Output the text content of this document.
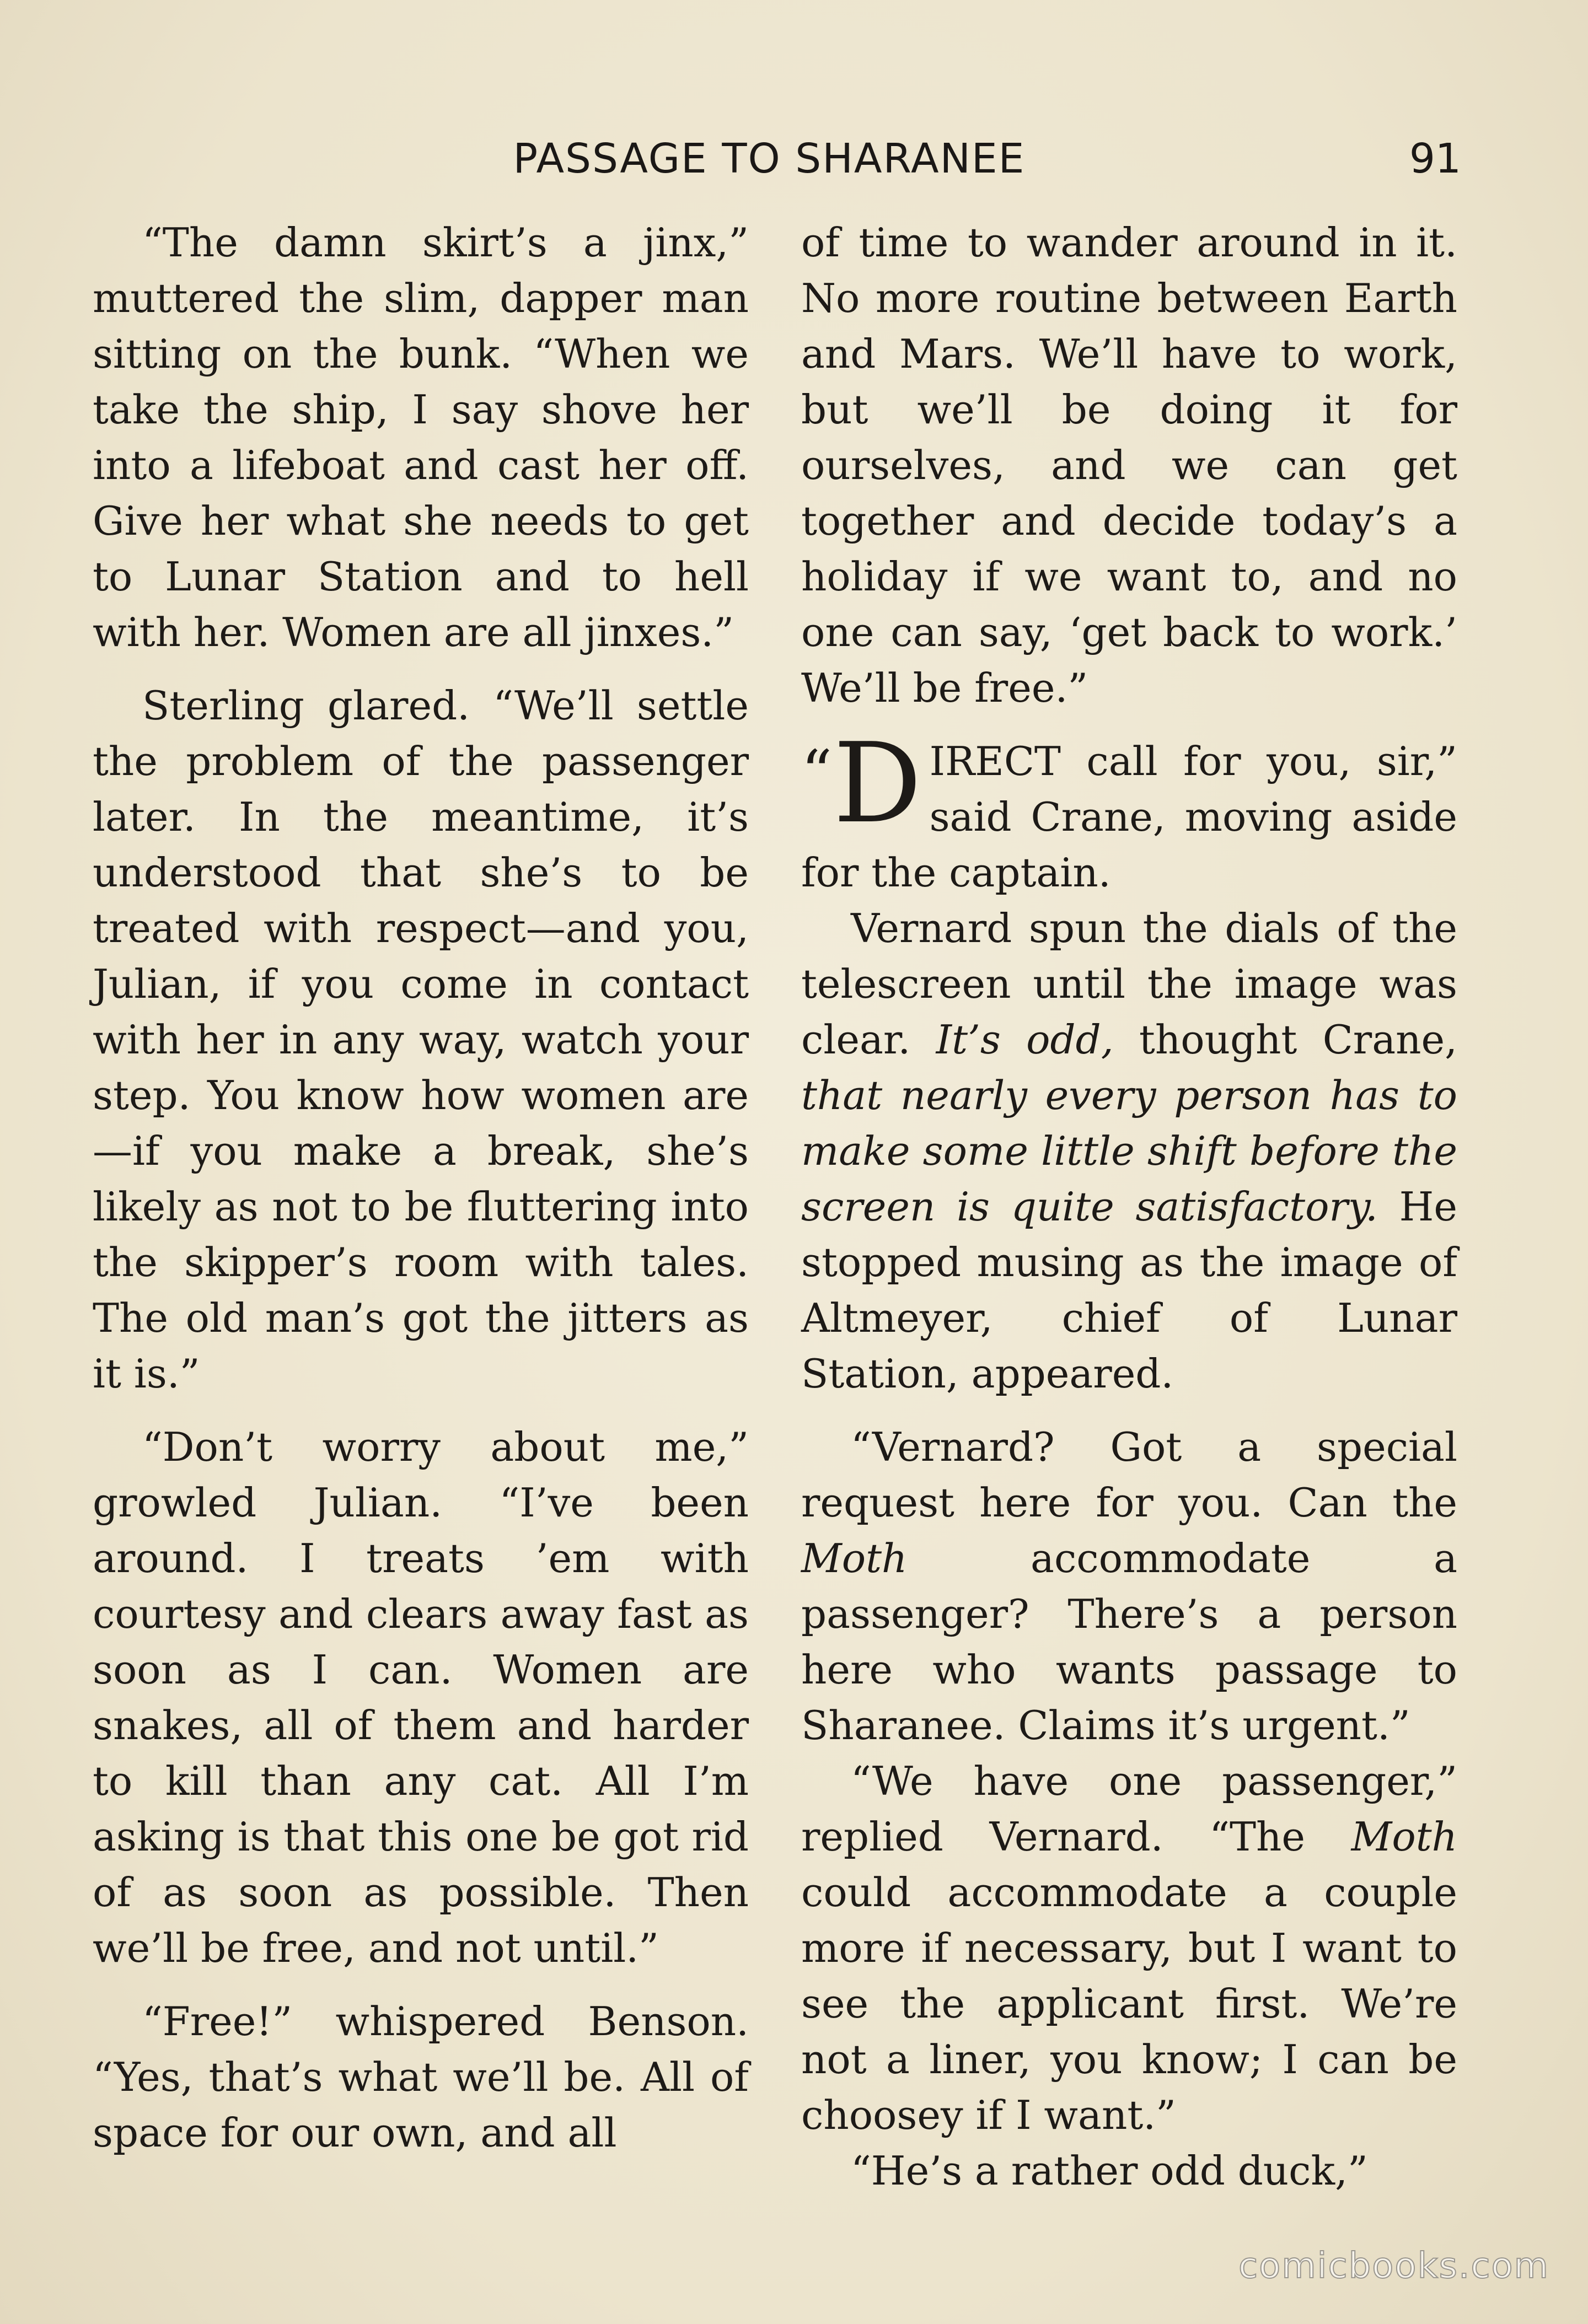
PASSAGE TO SHARANEE	91

“The damn skirt’s a jinx,” muttered the slim, dapper man sitting on the bunk. “When we take the ship, I say shove her into a lifeboat and cast her off. Give her what she needs to get to Lunar Station and to hell with her. Women are all jinxes.”

Sterling glared. “We’ll settle the problem of the passenger later. In the meantime, it’s understood that she’s to be treated with respect—and you, Julian, if you come in contact with her in any way, watch your step. You know how women are—if you make a break, she’s likely as not to be fluttering into the skipper’s room with tales. The old man’s got the jitters as it is.”

“Don’t worry about me,” growled Julian. “I’ve been around. I treats ’em with courtesy and clears away fast as soon as I can. Women are snakes, all of them and harder to kill than any cat. All I’m asking is that this one be got rid of as soon as possible. Then we’ll be free, and not until.”

“Free!” whispered Benson. “Yes, that’s what we’ll be. All of space for our own, and all

of time to wander around in it. No more routine between Earth and Mars. We’ll have to work, but we’ll be doing it for ourselves, and we can get together and decide today’s a holiday if we want to, and no one can say, ‘get back to work.’ We’ll be free.”

“ D IRECT call for you, sir,” said Crane, moving aside for the captain.

Vernard spun the dials of the telescreen until the image was clear. It’s odd, thought Crane, that nearly every person has to make some little shift before the screen is quite satisfactory. He stopped musing as the image of Altmeyer, chief of Lunar Station, appeared.

“Vernard? Got a special request here for you. Can the Moth accommodate a passenger? There’s a person here who wants passage to Sharanee. Claims it’s urgent.”

“We have one passenger,” replied Vernard. “The Moth could accommodate a couple more if necessary, but I want to see the applicant first. We’re not a liner, you know; I can be choosey if I want.”

“He’s a rather odd duck,”

comicbooks.com
